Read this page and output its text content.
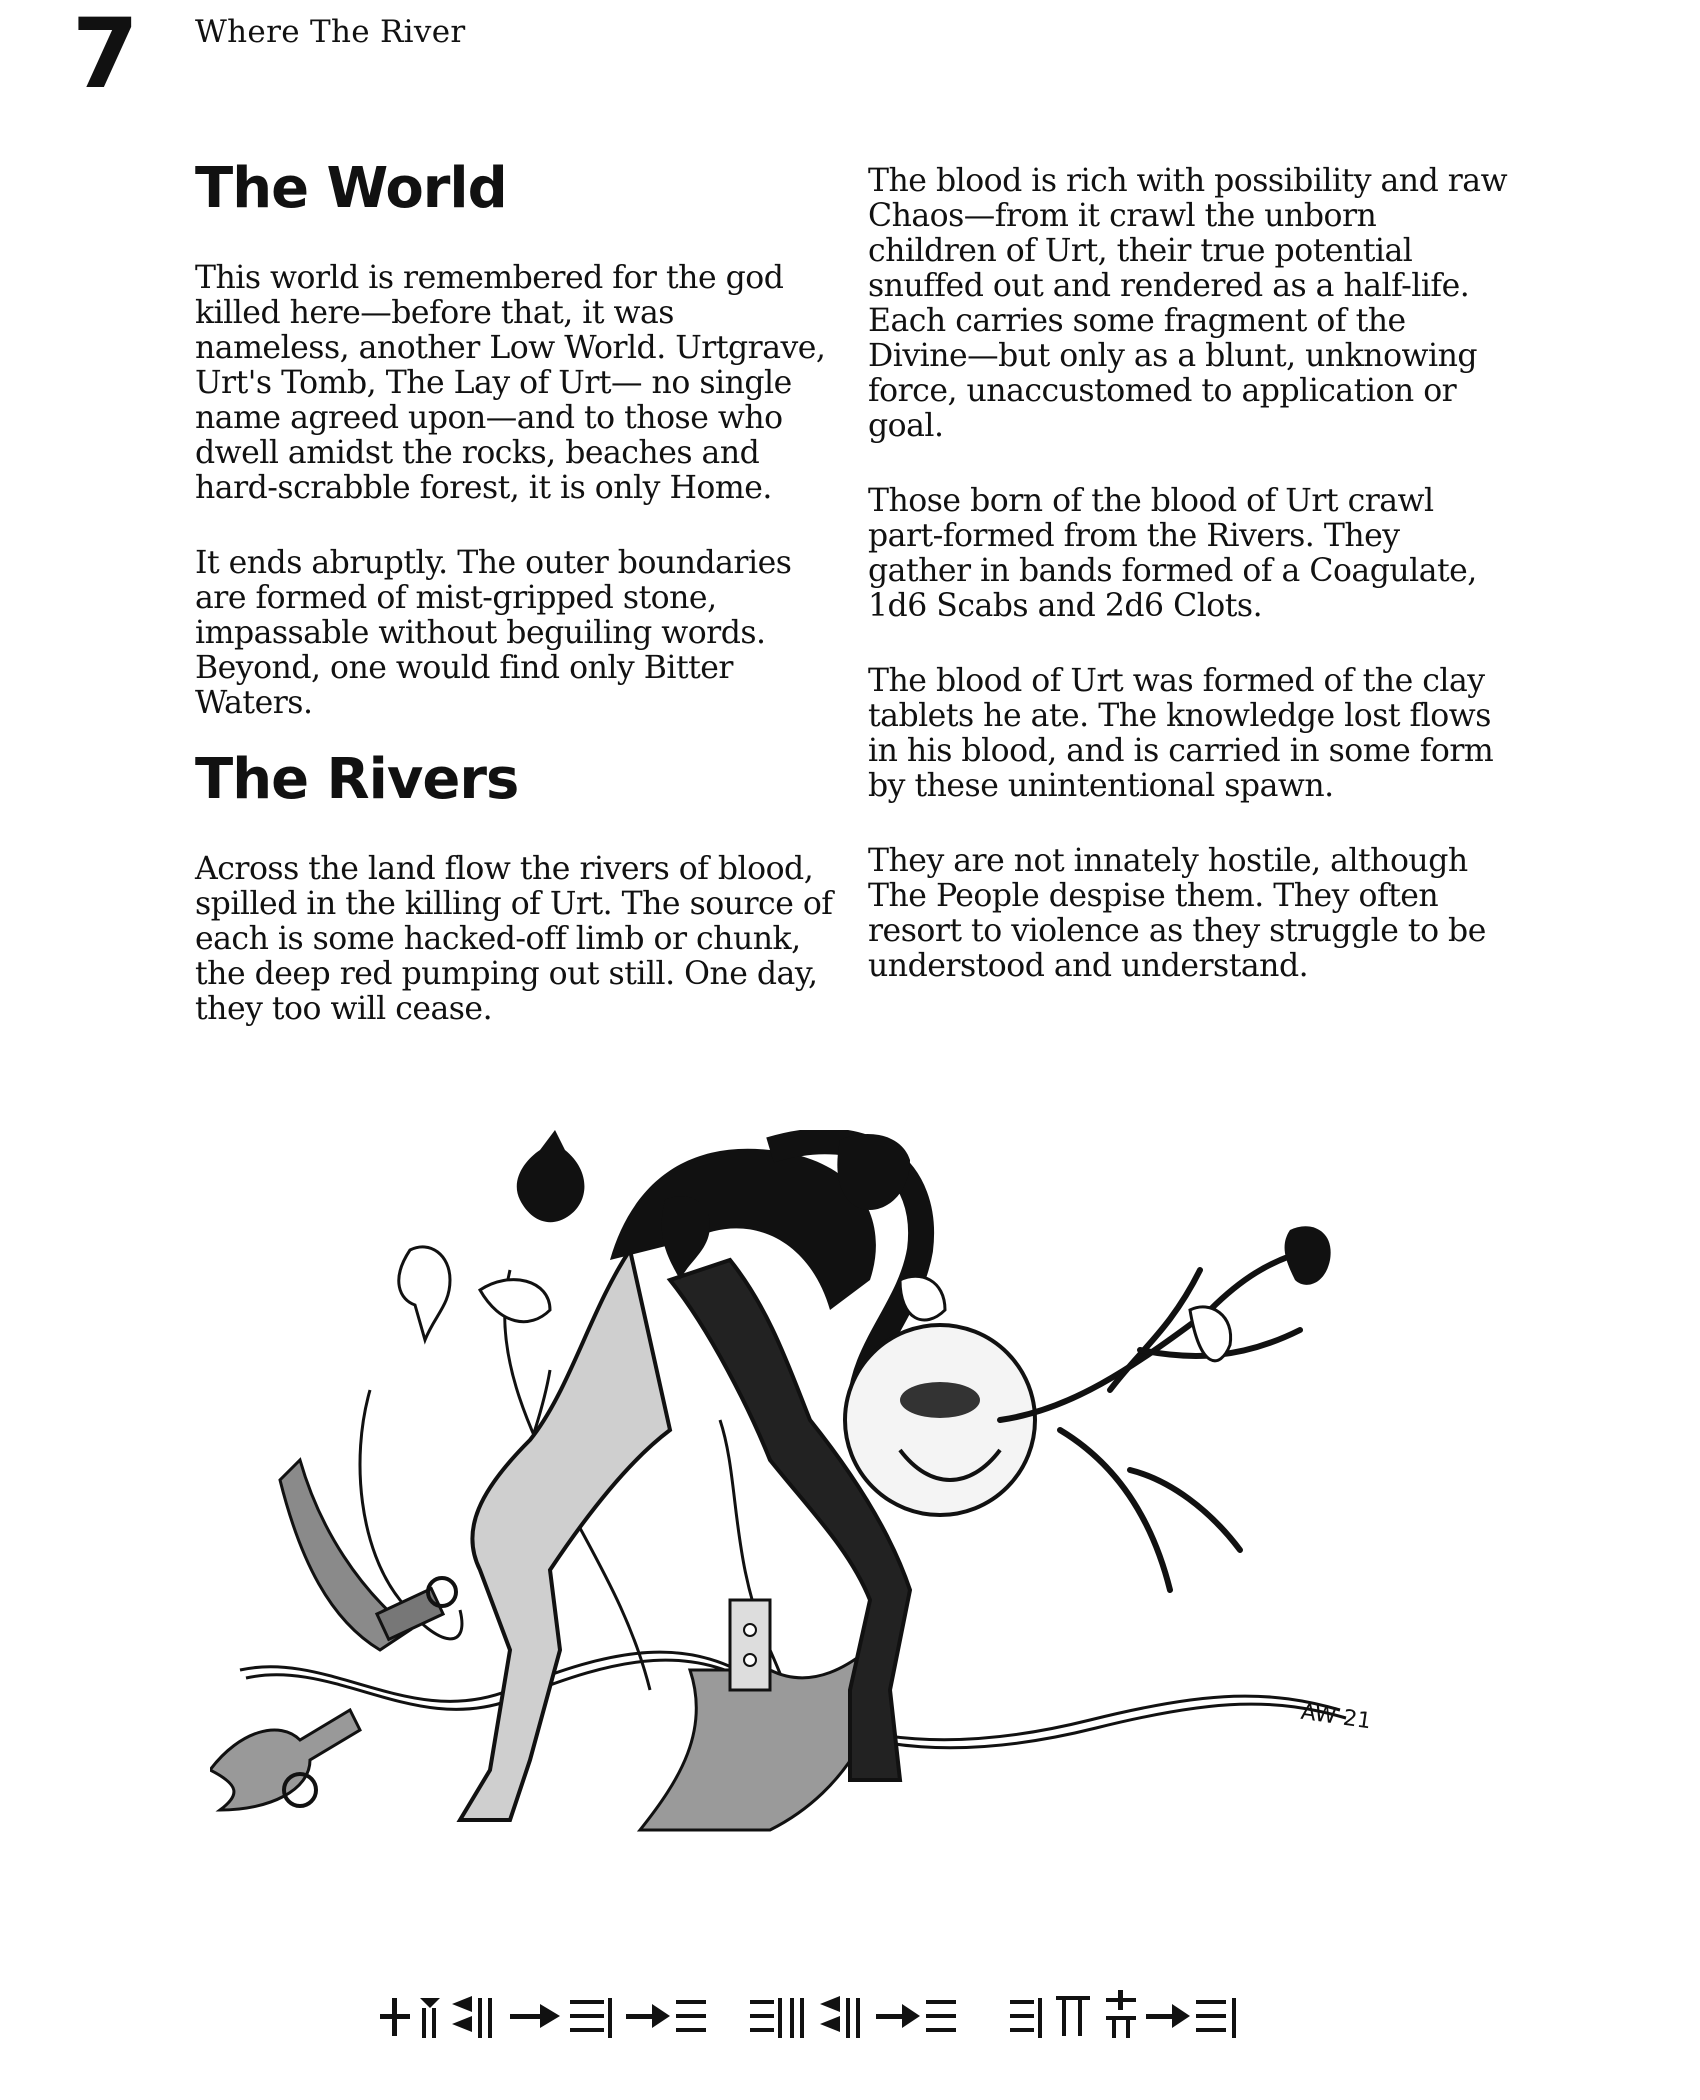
7 Where The River
The World

This world is remembered for the god killed here—before that, it was nameless, another Low World. Urtgrave, Urt's Tomb, The Lay of Urt— no single name agreed upon—and to those who dwell amidst the rocks, beaches and hard-scrabble forest, it is only Home.

It ends abruptly. The outer boundaries are formed of mist-gripped stone, impassable without beguiling words. Beyond, one would find only Bitter Waters.

The Rivers

Across the land flow the rivers of blood, spilled in the killing of Urt. The source of each is some hacked-off limb or chunk, the deep red pumping out still. One day, they too will cease.

The blood is rich with possibility and raw Chaos—from it crawl the unborn children of Urt, their true potential snuffed out and rendered as a half-life. Each carries some fragment of the Divine—but only as a blunt, unknowing force, unaccustomed to application or goal.

Those born of the blood of Urt crawl part-formed from the Rivers. They gather in bands formed of a Coagulate, 1d6 Scabs and 2d6 Clots.

The blood of Urt was formed of the clay tablets he ate. The knowledge lost flows in his blood, and is carried in some form by these unintentional spawn.

They are not innately hostile, although The People despise them. They often resort to violence as they struggle to be understood and understand.

AW 21
